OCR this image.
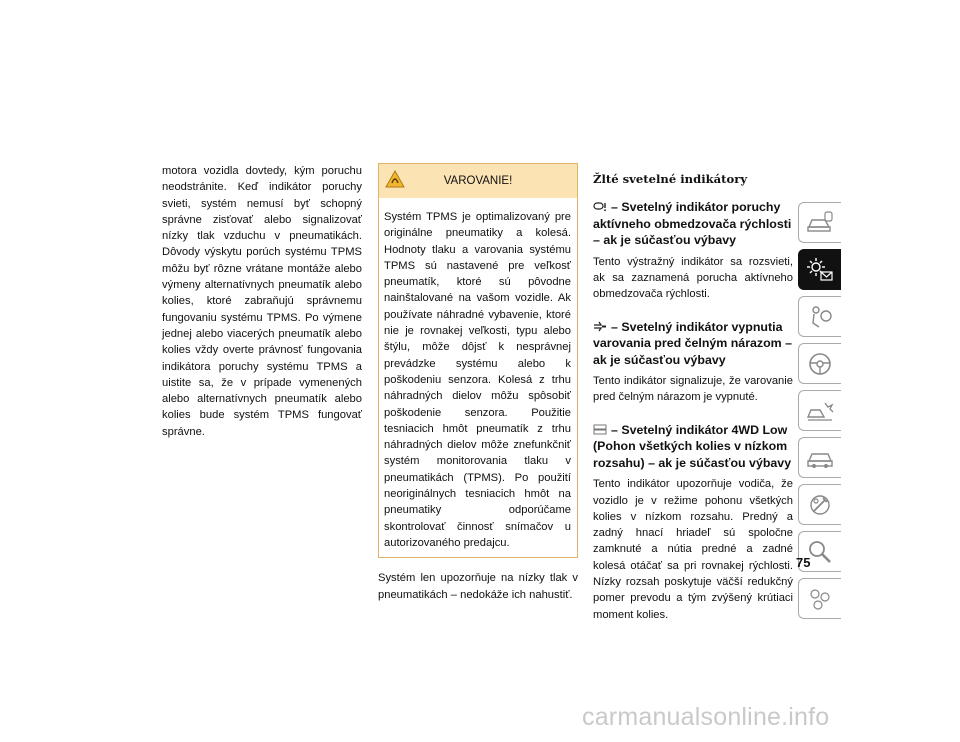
motora vozidla dovtedy, kým poruchu neodstránite. Keď indikátor poruchy svieti, systém nemusí byť schopný správne zisťovať alebo signalizovať nízky tlak vzduchu v pneumatikách. Dôvody výskytu porúch systému TPMS môžu byť rôzne vrátane montáže alebo výmeny alternatívnych pneumatík alebo kolies, ktoré zabraňujú správnemu fungovaniu systému TPMS. Po výmene jednej alebo viacerých pneumatík alebo kolies vždy overte právnosť fungovania indikátora poruchy systému TPMS a uistite sa, že v prípade vymenených alebo alternatívnych pneumatík alebo kolies bude systém TPMS fungovať správne.

VAROVANIE!
Systém TPMS je optimalizovaný pre originálne pneumatiky a kolesá. Hodnoty tlaku a varovania systému TPMS sú nastavené pre veľkosť pneumatík, ktoré sú pôvodne nainštalované na vašom vozidle. Ak používate náhradné vybavenie, ktoré nie je rovnakej veľkosti, typu alebo štýlu, môže dôjsť k nesprávnej prevádzke systému alebo k poškodeniu senzora. Kolesá z trhu náhradných dielov môžu spôsobiť poškodenie senzora. Použitie tesniacich hmôt pneumatík z trhu náhradných dielov môže znefunkčniť systém monitorovania tlaku v pneumatikách (TPMS). Po použití neoriginálnych tesniacich hmôt na pneumatiky odporúčame skontrolovať činnosť snímačov u autorizovaného predajcu.

Systém len upozorňuje na nízky tlak v pneumatikách – nedokáže ich nahustiť.

Žlté svetelné indikátory
– Svetelný indikátor poruchy aktívneho obmedzovača rýchlosti – ak je súčasťou výbavy

Tento výstražný indikátor sa rozsvieti, ak sa zaznamená porucha aktívneho obmedzovača rýchlosti.

– Svetelný indikátor vypnutia varovania pred čelným nárazom – ak je súčasťou výbavy

Tento indikátor signalizuje, že varovanie pred čelným nárazom je vypnuté.

– Svetelný indikátor 4WD Low (Pohon všetkých kolies v nízkom rozsahu) – ak je súčasťou výbavy

Tento indikátor upozorňuje vodiča, že vozidlo je v režime pohonu všetkých kolies v nízkom rozsahu. Predný a zadný hnací hriadeľ sú spoločne zamknuté a nútia predné a zadné kolesá otáčať sa pri rovnakej rýchlosti. Nízky rozsah poskytuje väčší redukčný pomer prevodu a tým zvýšený krútiaci moment kolies.

75
carmanualsonline.info
